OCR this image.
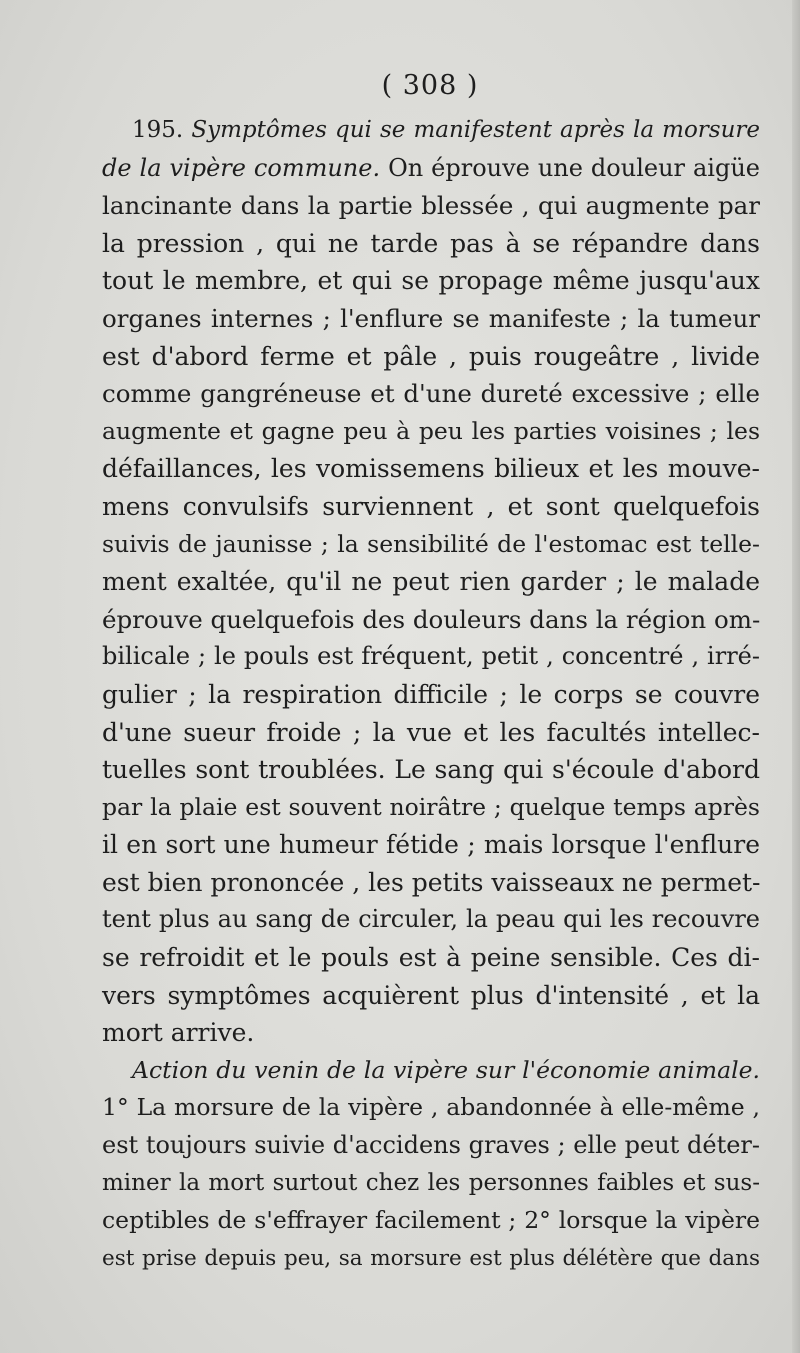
( 308 )
195. Symptômes qui se manifestent après la morsure
de la vipère commune. On éprouve une douleur aigüe
lancinante dans la partie blessée , qui augmente par
la pression , qui ne tarde pas à se répandre dans
tout le membre, et qui se propage même jusqu'aux
organes internes ; l'enflure se manifeste ; la tumeur
est d'abord ferme et pâle , puis rougeâtre , livide
comme gangréneuse et d'une dureté excessive ; elle
augmente et gagne peu à peu les parties voisines ; les
défaillances, les vomissemens bilieux et les mouve-
mens convulsifs surviennent , et sont quelquefois
suivis de jaunisse ; la sensibilité de l'estomac est telle-
ment exaltée, qu'il ne peut rien garder ; le malade
éprouve quelquefois des douleurs dans la région om-
bilicale ; le pouls est fréquent, petit , concentré , irré-
gulier ; la respiration difficile ; le corps se couvre
d'une sueur froide ; la vue et les facultés intellec-
tuelles sont troublées. Le sang qui s'écoule d'abord
par la plaie est souvent noirâtre ; quelque temps après
il en sort une humeur fétide ; mais lorsque l'enflure
est bien prononcée , les petits vaisseaux ne permet-
tent plus au sang de circuler, la peau qui les recouvre
se refroidit et le pouls est à peine sensible. Ces di-
vers symptômes acquièrent plus d'intensité , et la
mort arrive.
Action du venin de la vipère sur l'économie animale.
1° La morsure de la vipère , abandonnée à elle-même ,
est toujours suivie d'accidens graves ; elle peut déter-
miner la mort surtout chez les personnes faibles et sus-
ceptibles de s'effrayer facilement ; 2° lorsque la vipère
est prise depuis peu, sa morsure est plus délétère que dans
